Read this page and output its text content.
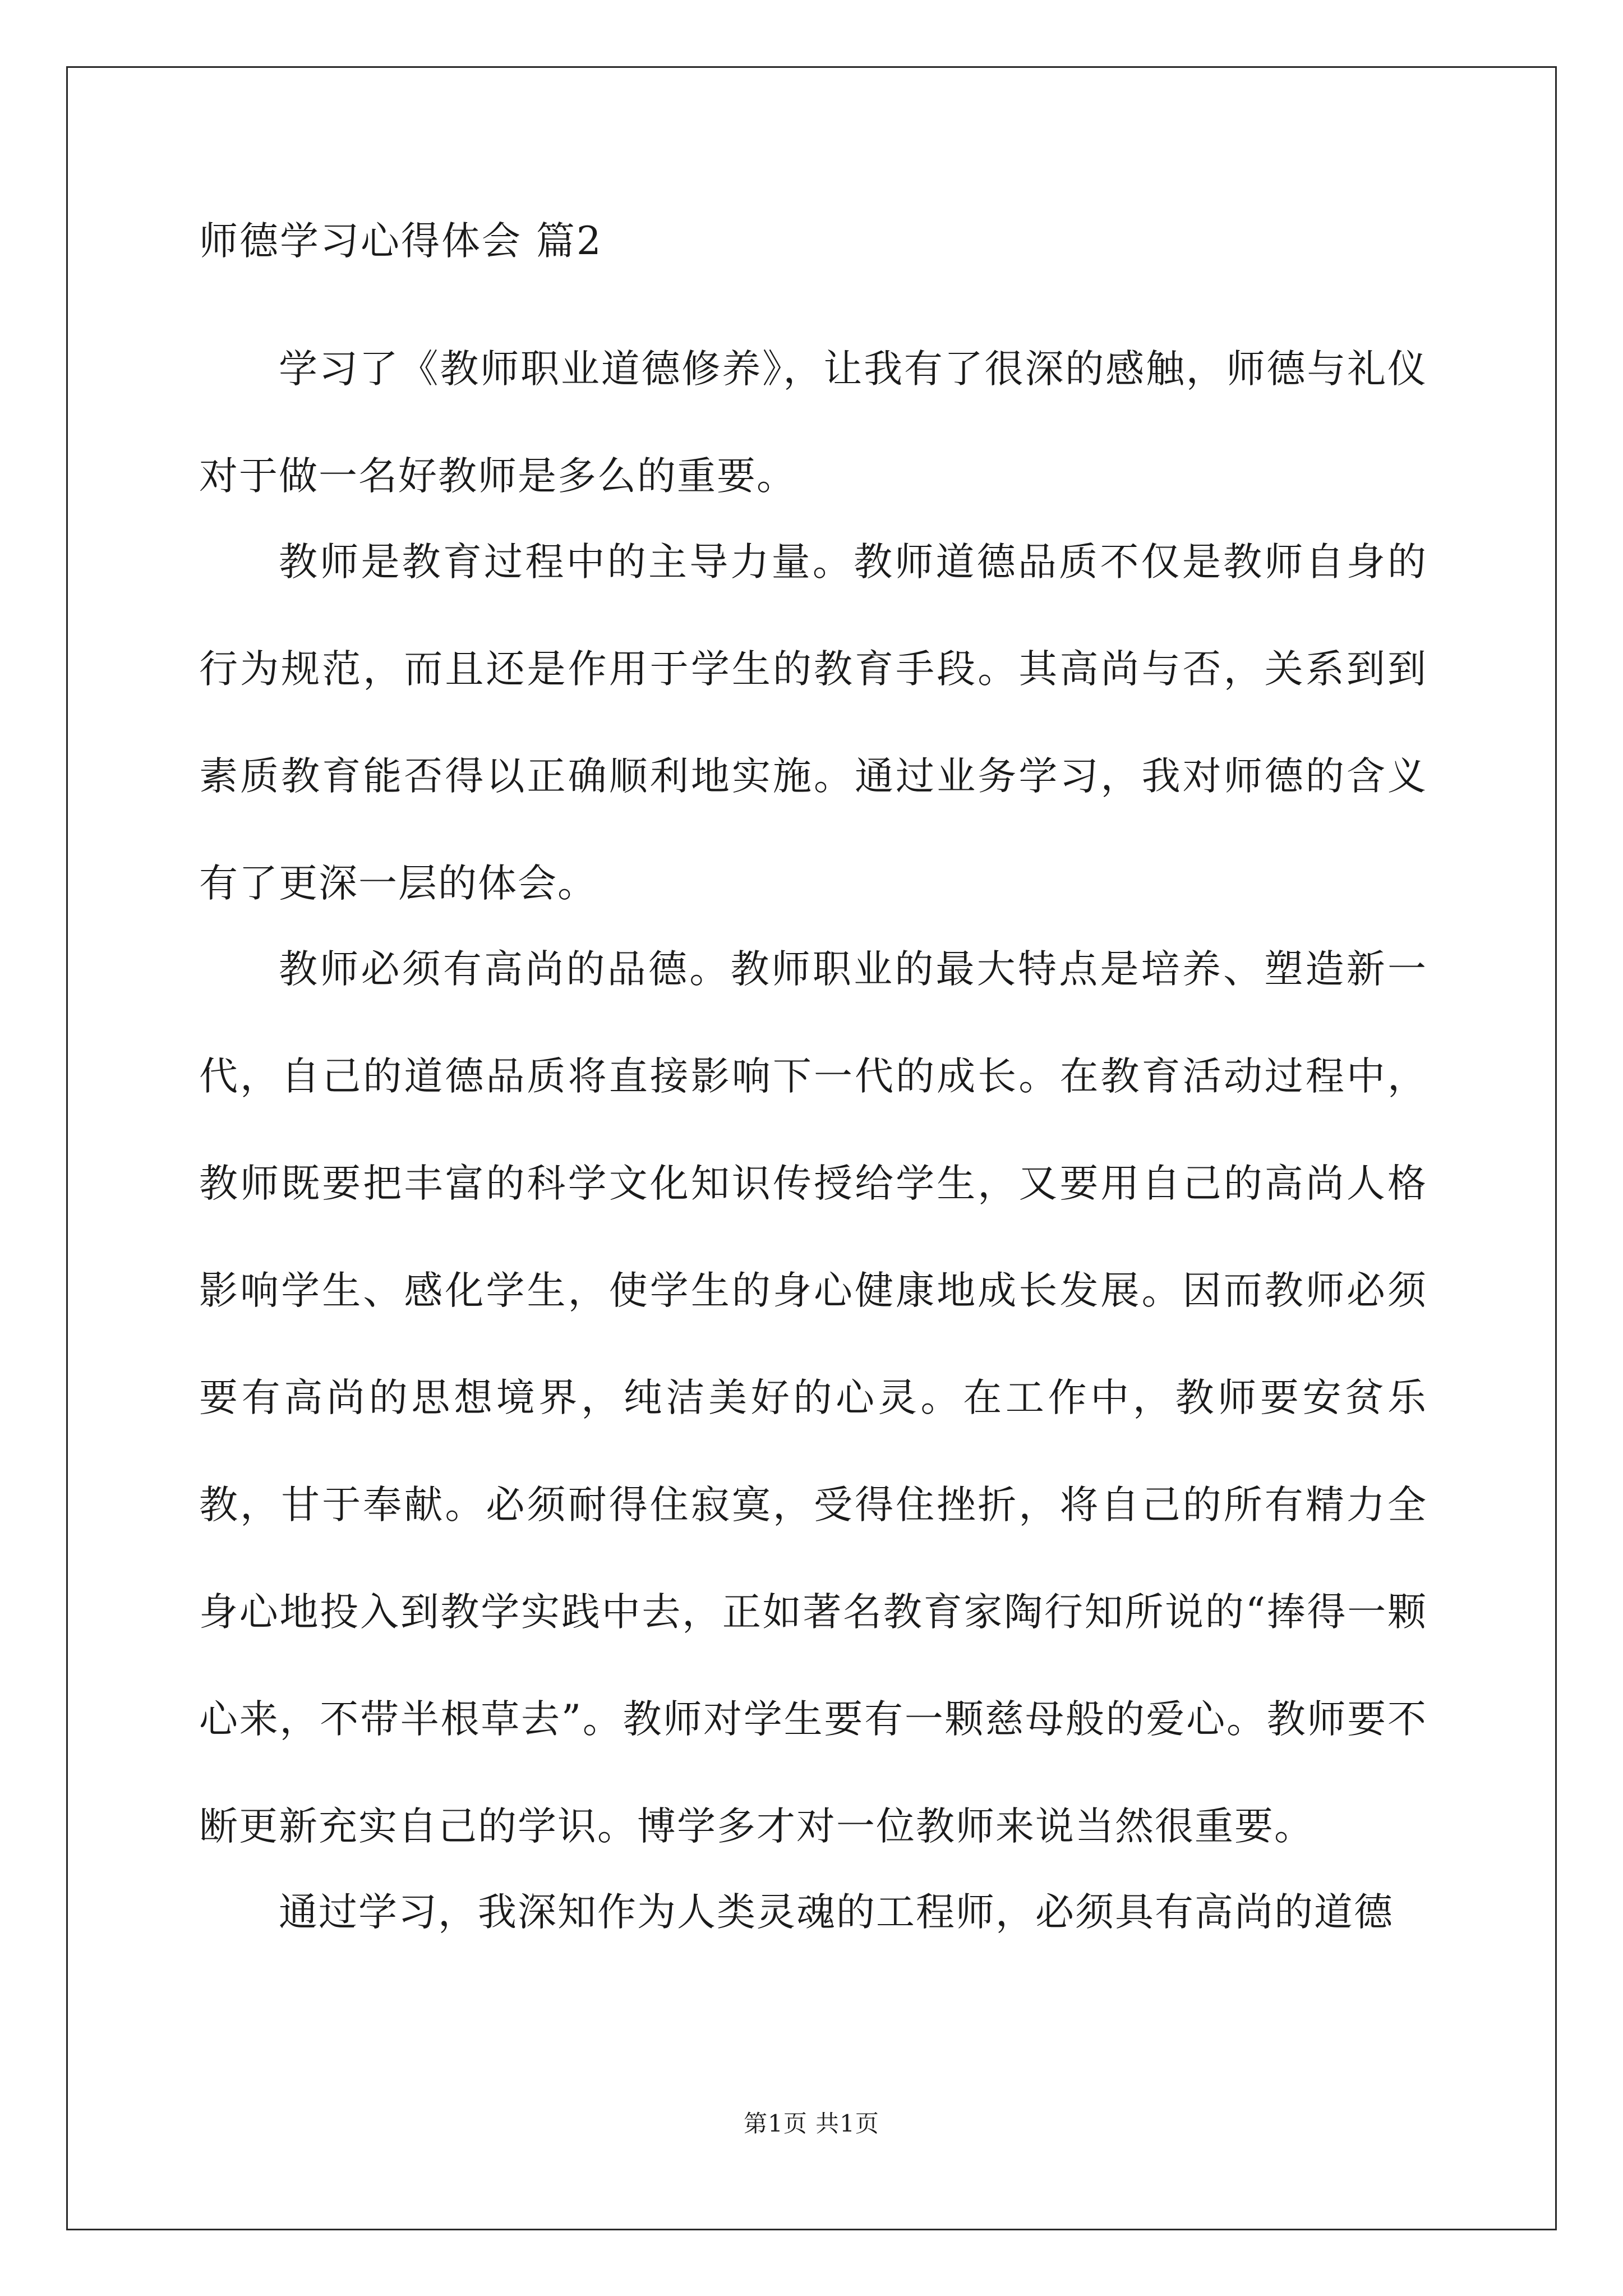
师德学习心得体会 篇2

学习了《教师职业道德修养》，让我有了很深的感触，师德与礼仪对于做一名好教师是多么的重要。

教师是教育过程中的主导力量。教师道德品质不仅是教师自身的行为规范，而且还是作用于学生的教育手段。其高尚与否，关系到到素质教育能否得以正确顺利地实施。通过业务学习，我对师德的含义有了更深一层的体会。

教师必须有高尚的品德。教师职业的最大特点是培养、塑造新一代，自己的道德品质将直接影响下一代的成长。在教育活动过程中，教师既要把丰富的科学文化知识传授给学生，又要用自己的高尚人格影响学生、感化学生，使学生的身心健康地成长发展。因而教师必须要有高尚的思想境界，纯洁美好的心灵。在工作中，教师要安贫乐教，甘于奉献。必须耐得住寂寞，受得住挫折，将自己的所有精力全身心地投入到教学实践中去，正如著名教育家陶行知所说的“捧得一颗心来，不带半根草去”。教师对学生要有一颗慈母般的爱心。教师要不断更新充实自己的学识。博学多才对一位教师来说当然很重要。

通过学习，我深知作为人类灵魂的工程师，必须具有高尚的道德

第1页 共1页
